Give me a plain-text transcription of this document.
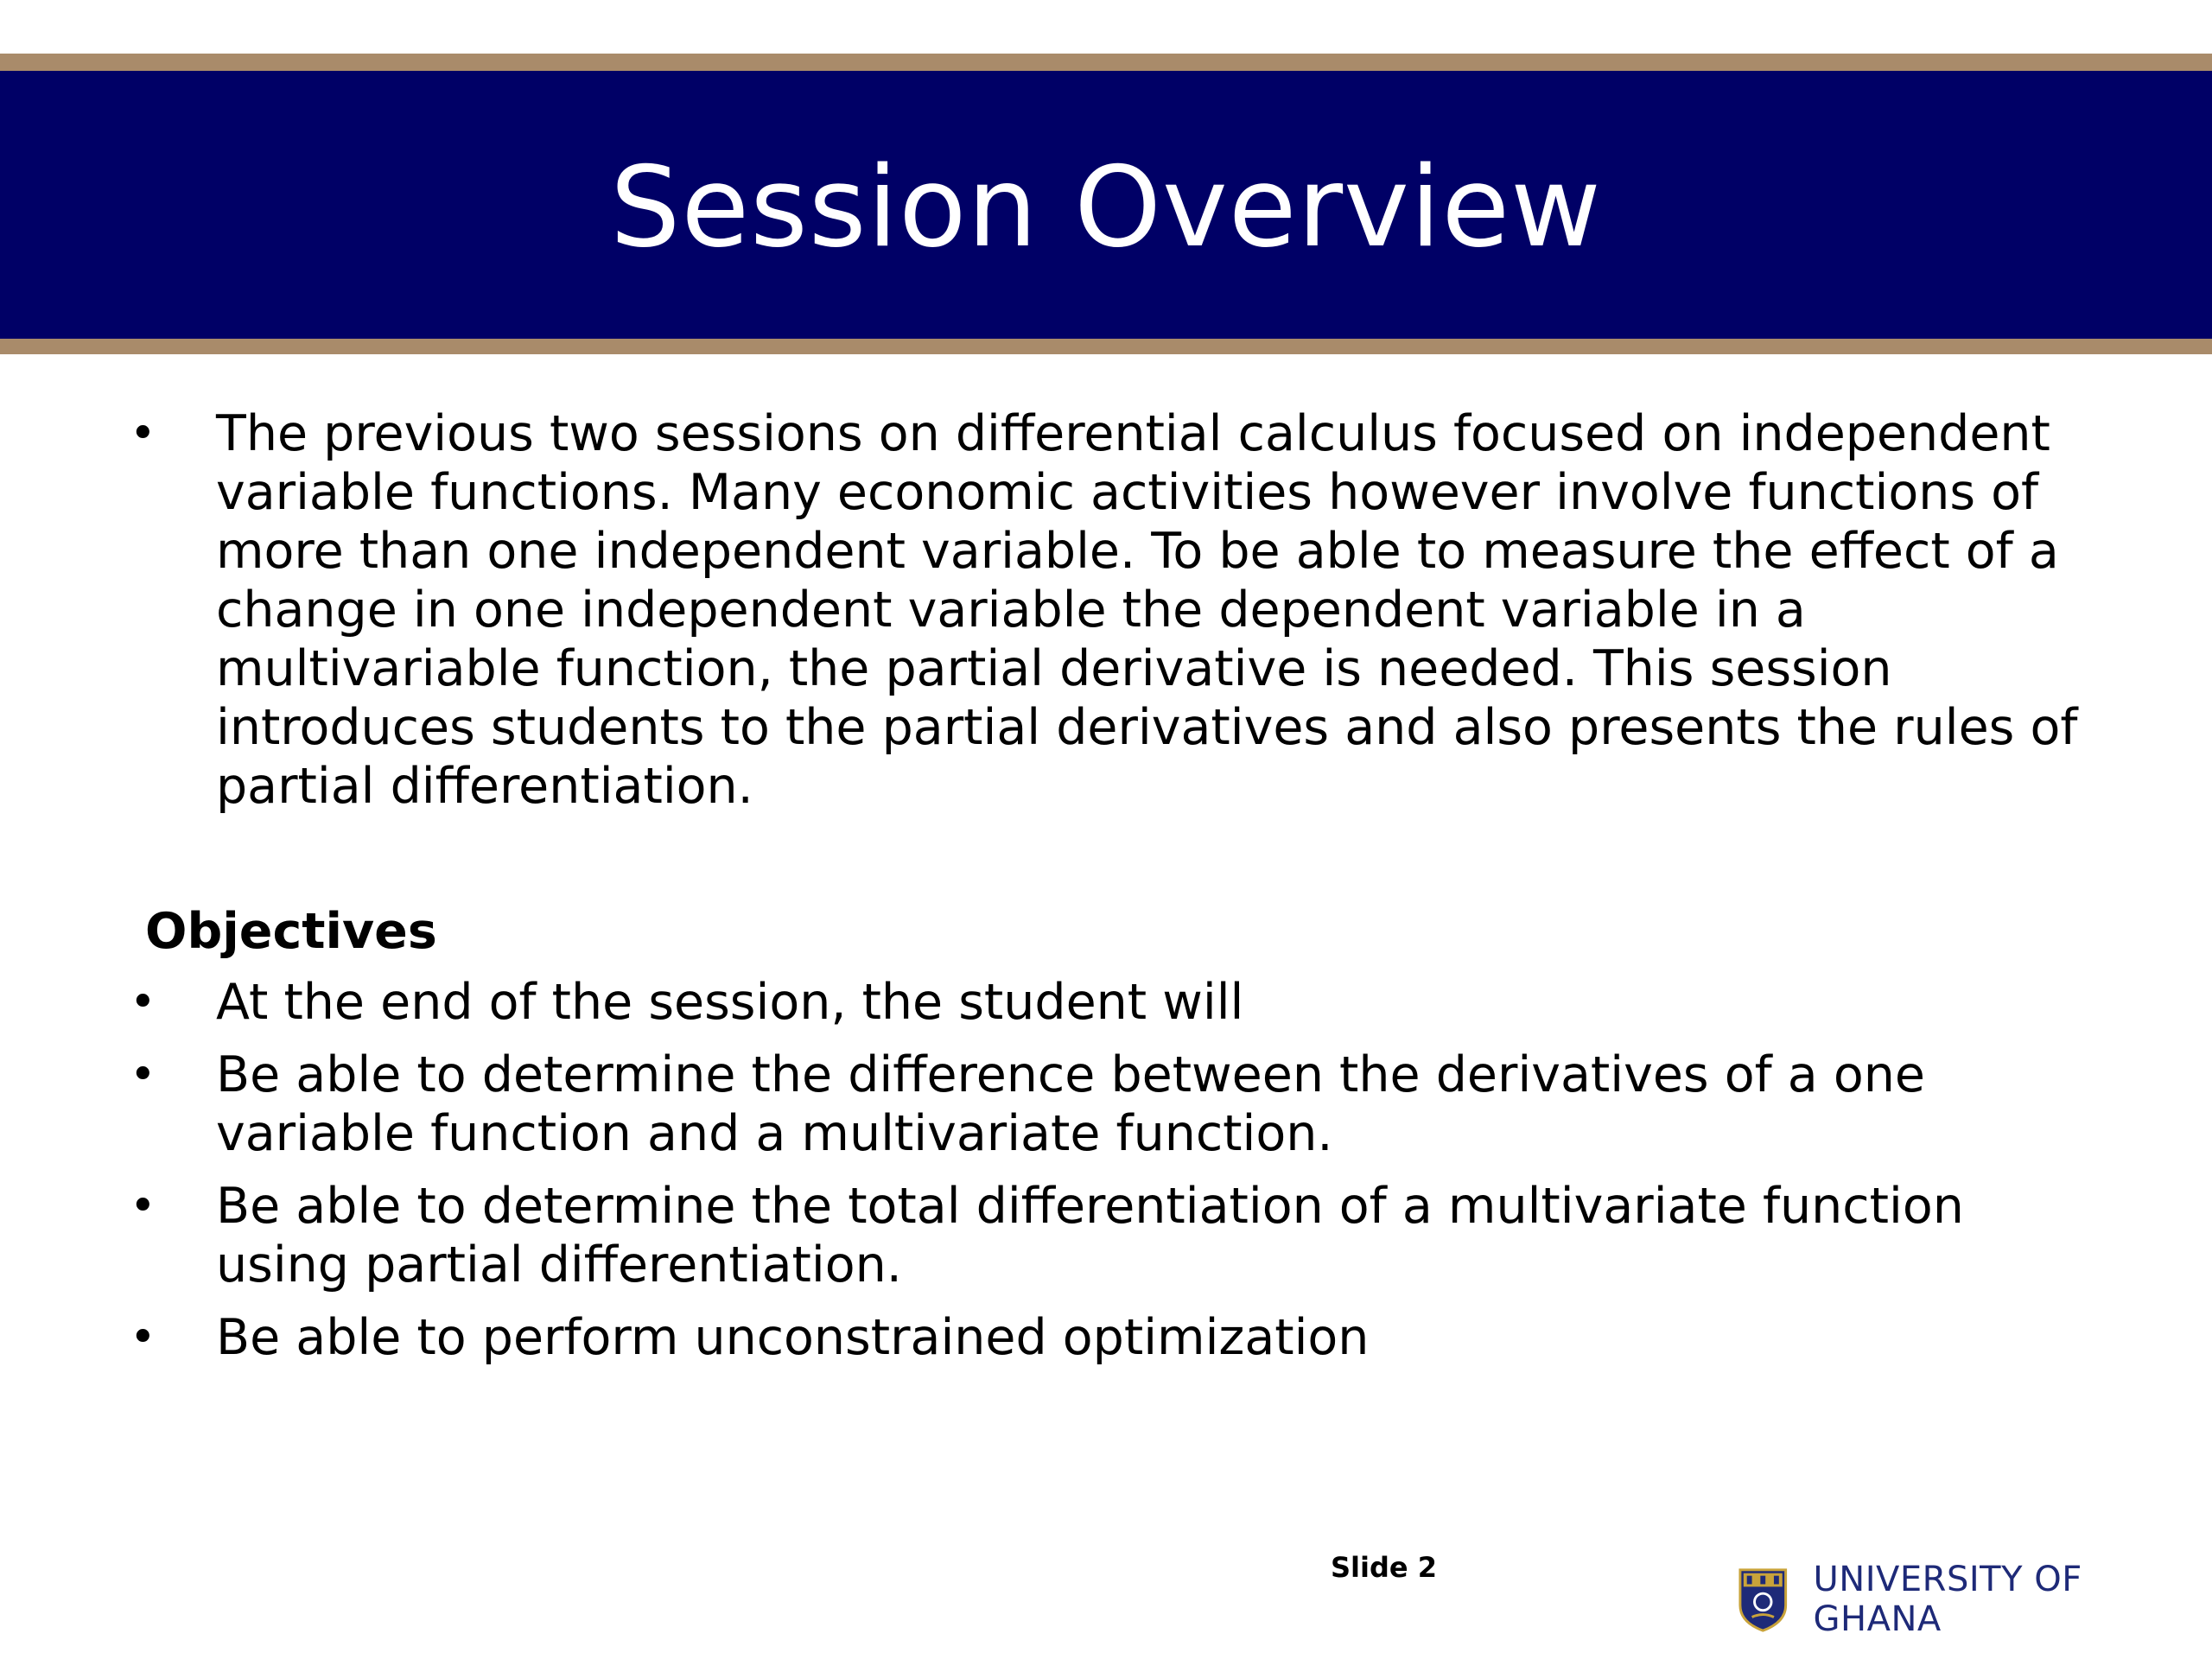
Session Overview
• The previous two sessions on differential calculus focused on independent variable functions. Many economic activities however involve functions of more than one independent variable. To be able to measure the effect of a change in one independent variable the dependent variable in a multivariable function, the partial derivative is needed. This session introduces students to the partial derivatives and also presents the rules of partial differentiation.
Objectives
• At the end of the session, the student will
• Be able to determine the difference between the derivatives of a one variable function and a multivariate function.
• Be able to determine the total differentiation of a multivariate function using partial differentiation.
• Be able to perform unconstrained optimization
Slide 2	UNIVERSITY OF GHANA
